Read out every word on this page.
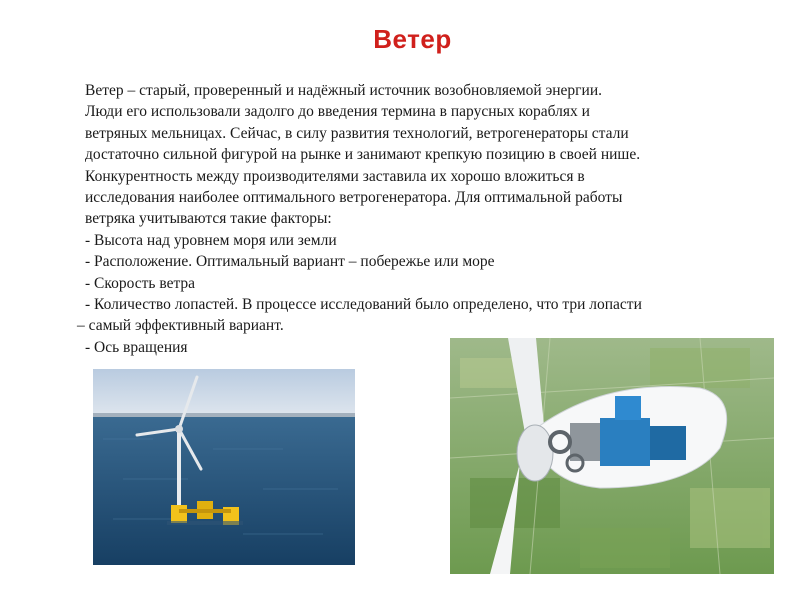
Ветер
Ветер – старый, проверенный и надёжный источник возобновляемой энергии.
Люди его использовали задолго до введения термина в парусных кораблях и
ветряных мельницах. Сейчас, в силу развития технологий, ветрогенераторы стали
достаточно сильной фигурой на рынке и занимают крепкую позицию в своей нише.
Конкурентность между производителями заставила их хорошо вложиться в
исследования наиболее оптимального ветрогенератора. Для оптимальной работы
ветряка учитываются такие факторы:
- Высота над уровнем моря или земли
- Расположение. Оптимальный вариант – побережье или море
- Скорость ветра
- Количество лопастей. В процессе исследований было определено, что три лопасти
– самый эффективный вариант.
- Ось вращения
